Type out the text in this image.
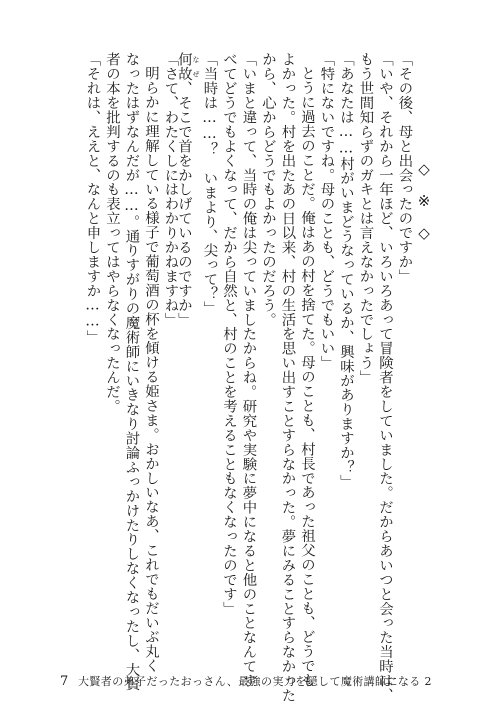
◇※◇
「その後、母と出会ったのですか」
「いや、それから一年ほど、いろいろあって冒険者をしていました。だからあいつと会った当時は、
もう世間知らずのガキとは言えなかったでしょう」
「あなたは……村がいまどうなっているか、興味がありますか？」
「特にないですね。母のことも、どうでもいい」
とうに過去のことだ。俺はあの村を捨てた。母のことも、村長であった祖父のことも、どうでも
よかった。村を出たあの日以来、村の生活を思い出すことすらなかった。夢にみることすらなかった
から、心からどうでもよかったのだろう。
「いまと違って、当時の俺は尖っていましたからね。研究や実験に夢中になると他のことなんてす
べてどうでもよくなって、だから自然と、村のことを考えることもなくなったのです」
「当時は……？　いまより、尖って？」
何故 なぜ、そこで首をかしげているのですか」
「さて、わたくしにはわかりかねますね」
明らかに理解している様子で葡萄酒の杯を傾ける姫さま。おかしいなあ、これでもだいぶ丸く
なったはずなんだが……。通りすがりの魔術師にいきなり討論ふっかけたりしなくなったし、大賢
者の本を批判するのも表立ってはやらなくなったんだ。
「それは、ええと、なんと申しますか……」
7 大賢者の弟子だったおっさん、最強の実力を隠して魔術講師になる 2
